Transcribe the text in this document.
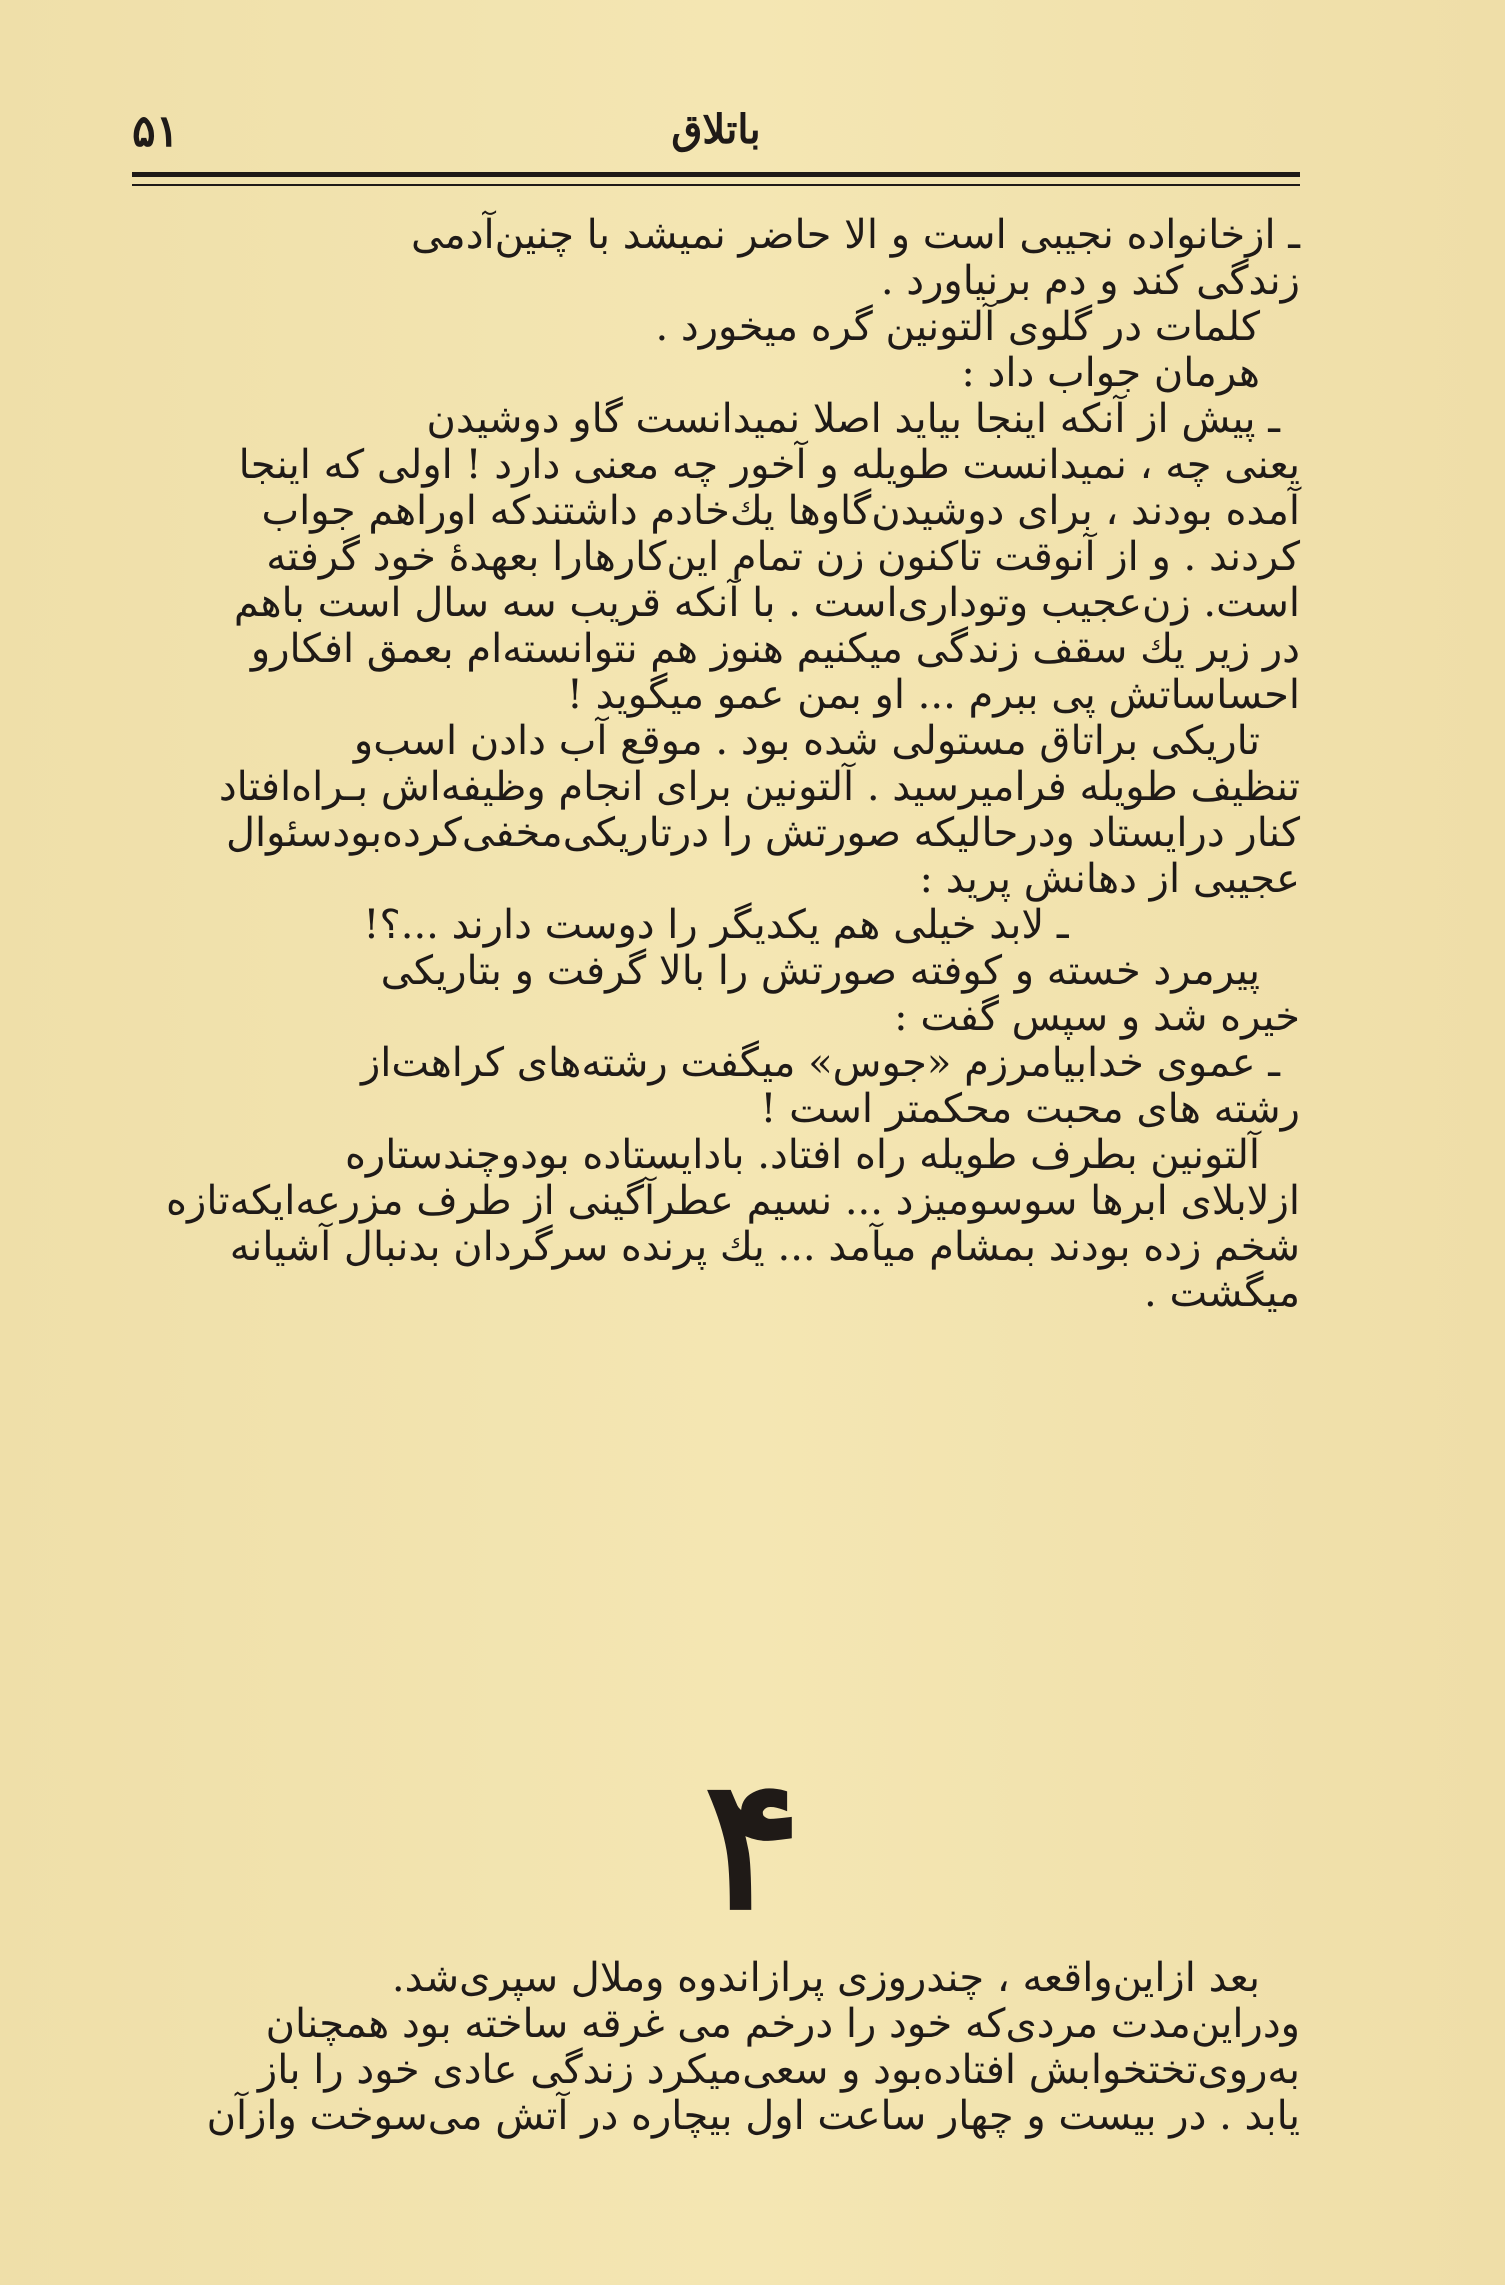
۵۱	باتلاق

ـ ازخانواده نجیبی است و الا حاضر نمیشد با چنین‌آدمی

زندگی کند و دم برنیاورد .

کلمات در گلوی آلتونین گره میخورد .

هرمان جواب داد :

ـ پیش از آنکه اینجا بیاید اصلا نمیدانست گاو دوشیدن

یعنی چه ، نمیدانست طویله و آخور چه معنی دارد ! اولی که اینجا

آمده بودند ، برای دوشیدن‌گاوها یك‌خادم داشتندکه اوراهم جواب

کردند . و از آنوقت تاکنون زن تمام این‌کارهارا بعهدهٔ خود گرفته

است. زن‌عجیب وتوداری‌است . با آنکه قریب سه سال است باهم

در زیر یك سقف زندگی میکنیم هنوز هم نتوانسته‌ام بعمق افکارو

احساساتش پی ببرم ... او بمن عمو میگوید !

تاریکی براتاق مستولی شده بود . موقع آب دادن اسب‌و

تنظیف طویله فرامیرسید . آلتونین برای انجام وظیفه‌اش بـراه‌افتاد

کنار درایستاد ودرحالیکه صورتش را درتاریکی‌مخفی‌کرده‌بودسئوال

عجیبی از دهانش پرید :

ـ لابد خیلی هم یکدیگر را دوست دارند ...؟!

پیرمرد خسته و کوفته صورتش را بالا گرفت و بتاریکی

خیره شد و سپس گفت :

ـ عموی خدابیامرزم «جوس» میگفت رشته‌های کراهت‌از

رشته های محبت محکمتر است !

آلتونین بطرف طویله راه افتاد. بادایستاده بودوچندستاره

ازلابلای ابرها سوسومیزد ... نسیم عطرآگینی از طرف مزرعه‌ایکه‌تازه

شخم زده بودند بمشام میآمد ... یك پرنده سرگردان بدنبال آشیانه

میگشت .

۴

بعد ازاین‌واقعه ، چندروزی پرازاندوه وملال سپری‌شد.

ودراین‌مدت مردی‌که خود را درخم می غرقه ساخته بود همچنان

به‌روی‌تختخوابش افتاده‌بود و سعی‌میکرد زندگی عادی خود را باز

یابد . در بیست و چهار ساعت اول بیچاره در آتش می‌سوخت وازآن
